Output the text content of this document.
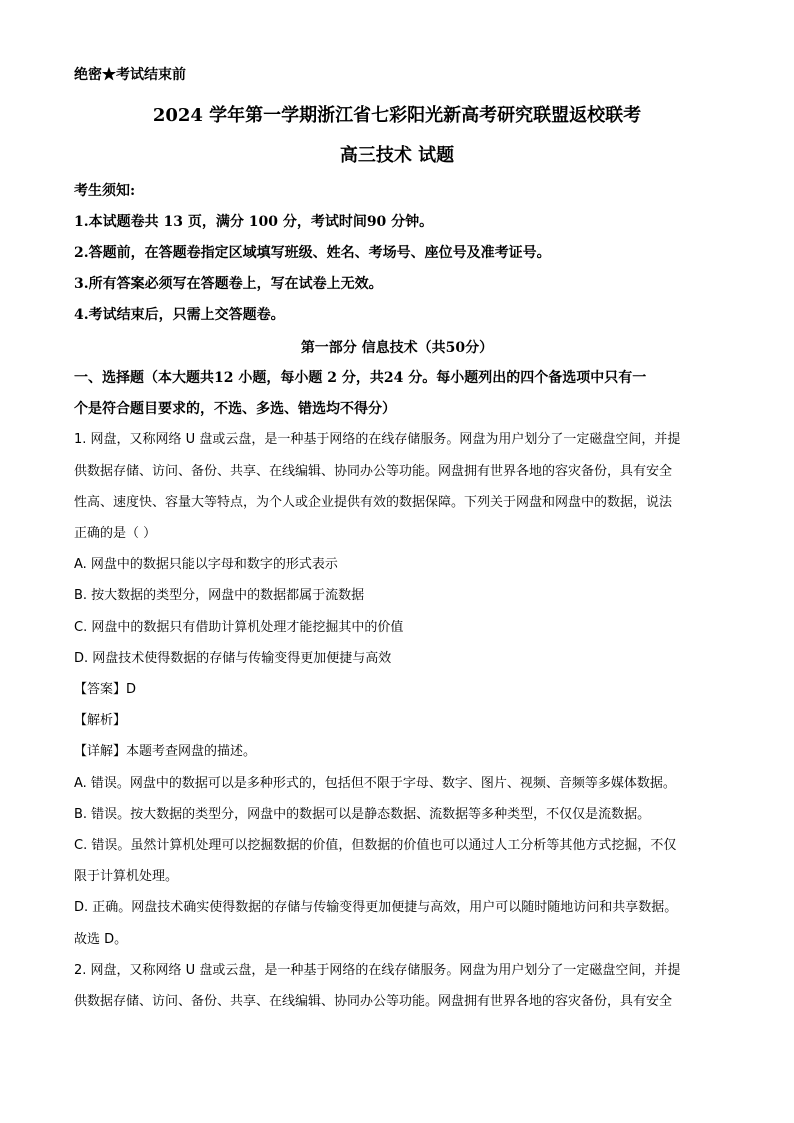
绝密★考试结束前
2024 学年第一学期浙江省七彩阳光新高考研究联盟返校联考
高三技术 试题
考生须知:
1.本试题卷共 13 页，满分 100 分，考试时间90 分钟。
2.答题前，在答题卷指定区域填写班级、姓名、考场号、座位号及准考证号。
3.所有答案必须写在答题卷上，写在试卷上无效。
4.考试结束后，只需上交答题卷。
第一部分 信息技术（共50分）
一、选择题（本大题共12 小题，每小题 2 分，共24 分。每小题列出的四个备选项中只有一
个是符合题目要求的，不选、多选、错选均不得分）
1. 网盘，又称网络 U 盘或云盘，是一种基于网络的在线存储服务。网盘为用户划分了一定磁盘空间，并提
供数据存储、访问、备份、共享、在线编辑、协同办公等功能。网盘拥有世界各地的容灾备份，具有安全
性高、速度快、容量大等特点，为个人或企业提供有效的数据保障。下列关于网盘和网盘中的数据，说法
正确的是（ ）
A. 网盘中的数据只能以字母和数字的形式表示
B. 按大数据的类型分，网盘中的数据都属于流数据
C. 网盘中的数据只有借助计算机处理才能挖掘其中的价值
D. 网盘技术使得数据的存储与传输变得更加便捷与高效
【答案】D
【解析】
【详解】本题考查网盘的描述。
A. 错误。网盘中的数据可以是多种形式的，包括但不限于字母、数字、图片、视频、音频等多媒体数据。
B. 错误。按大数据的类型分，网盘中的数据可以是静态数据、流数据等多种类型，不仅仅是流数据。
C. 错误。虽然计算机处理可以挖掘数据的价值，但数据的价值也可以通过人工分析等其他方式挖掘，不仅
限于计算机处理。
D. 正确。网盘技术确实使得数据的存储与传输变得更加便捷与高效，用户可以随时随地访问和共享数据。
故选 D。
2. 网盘，又称网络 U 盘或云盘，是一种基于网络的在线存储服务。网盘为用户划分了一定磁盘空间，并提
供数据存储、访问、备份、共享、在线编辑、协同办公等功能。网盘拥有世界各地的容灾备份，具有安全
